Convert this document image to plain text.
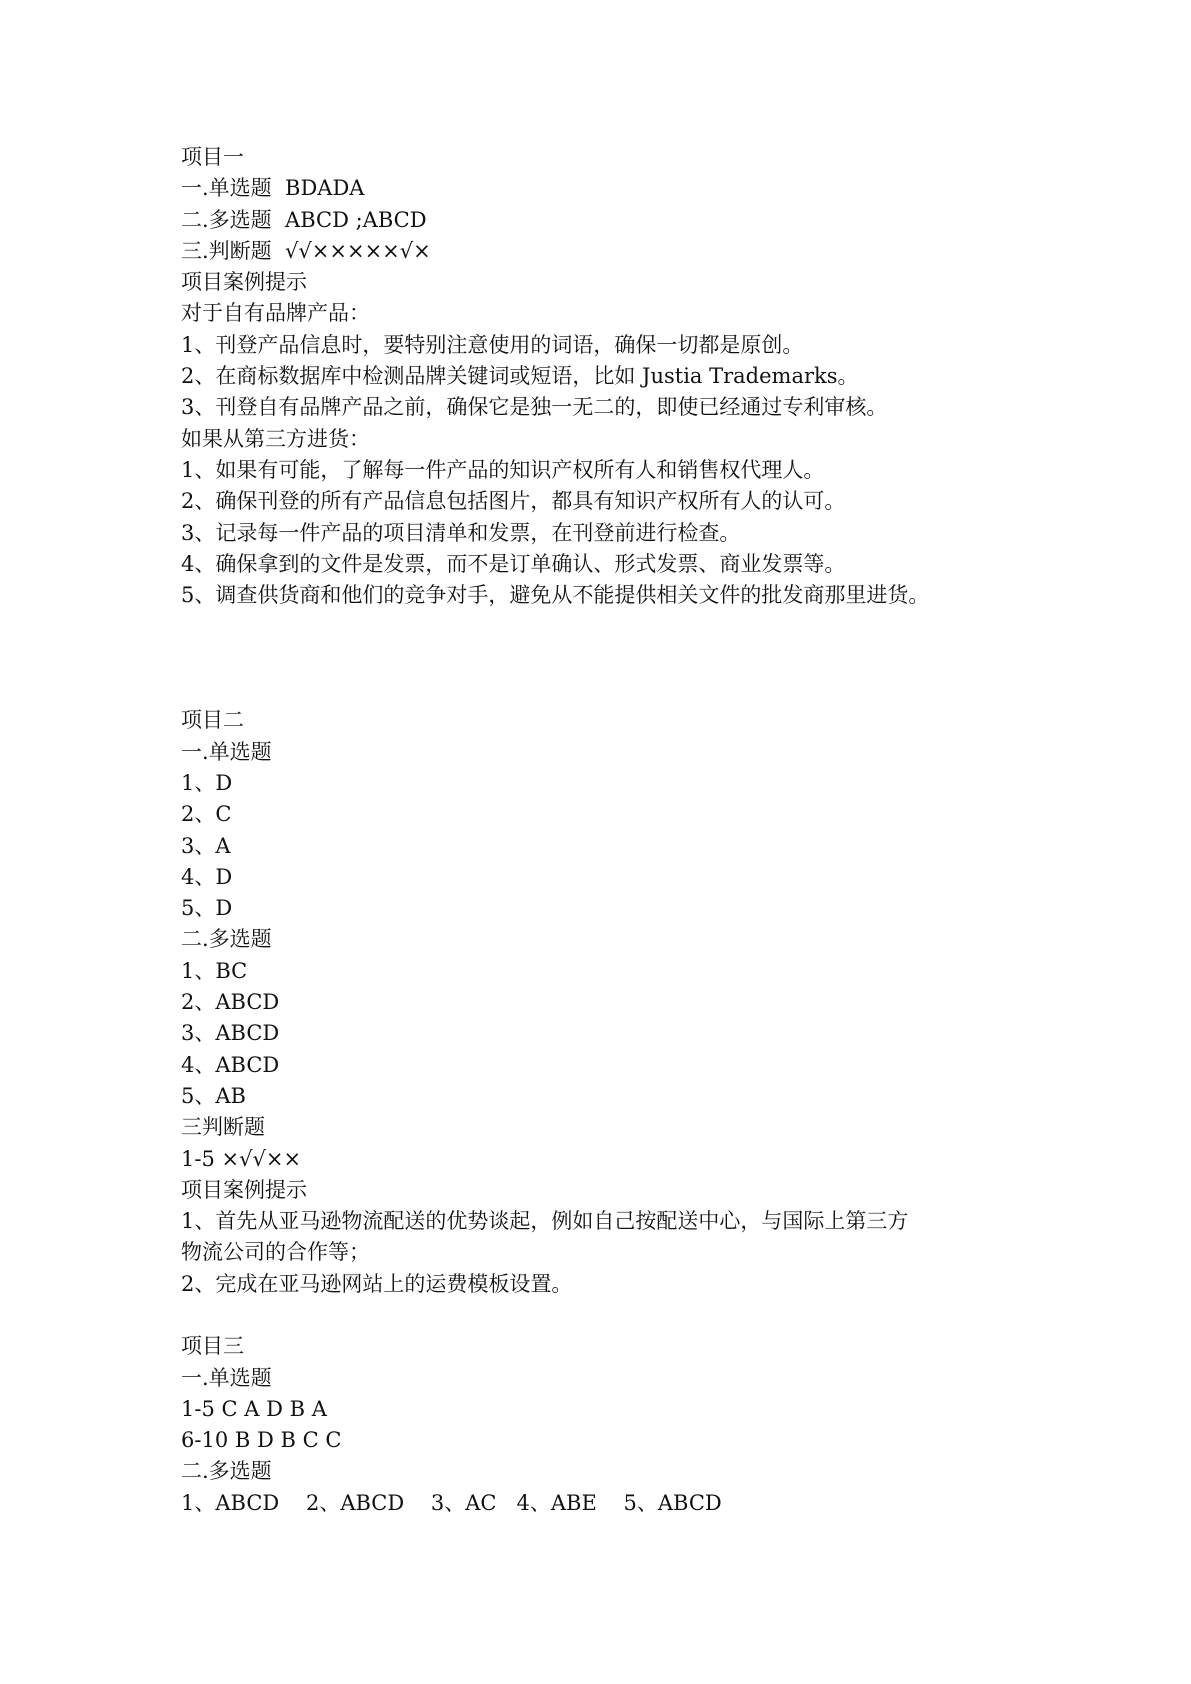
项目一
一.单选题  BDADA
二.多选题  ABCD ;ABCD
三.判断题  √√×××××√×
项目案例提示
对于自有品牌产品：
1、刊登产品信息时，要特别注意使用的词语，确保一切都是原创。
2、在商标数据库中检测品牌关键词或短语，比如 Justia Trademarks。
3、刊登自有品牌产品之前，确保它是独一无二的，即使已经通过专利审核。
如果从第三方进货：
1、如果有可能，了解每一件产品的知识产权所有人和销售权代理人。
2、确保刊登的所有产品信息包括图片，都具有知识产权所有人的认可。
3、记录每一件产品的项目清单和发票，在刊登前进行检查。
4、确保拿到的文件是发票，而不是订单确认、形式发票、商业发票等。
5、调查供货商和他们的竞争对手，避免从不能提供相关文件的批发商那里进货。
项目二
一.单选题
1、D
2、C
3、A
4、D
5、D
二.多选题
1、BC
2、ABCD
3、ABCD
4、ABCD
5、AB
三判断题
1-5 ×√√××
项目案例提示
1、首先从亚马逊物流配送的优势谈起，例如自己按配送中心，与国际上第三方
物流公司的合作等；
2、完成在亚马逊网站上的运费模板设置。
项目三
一.单选题
1-5 C A D B A
6-10 B D B C C
二.多选题
1、ABCD    2、ABCD    3、AC   4、ABE    5、ABCD
